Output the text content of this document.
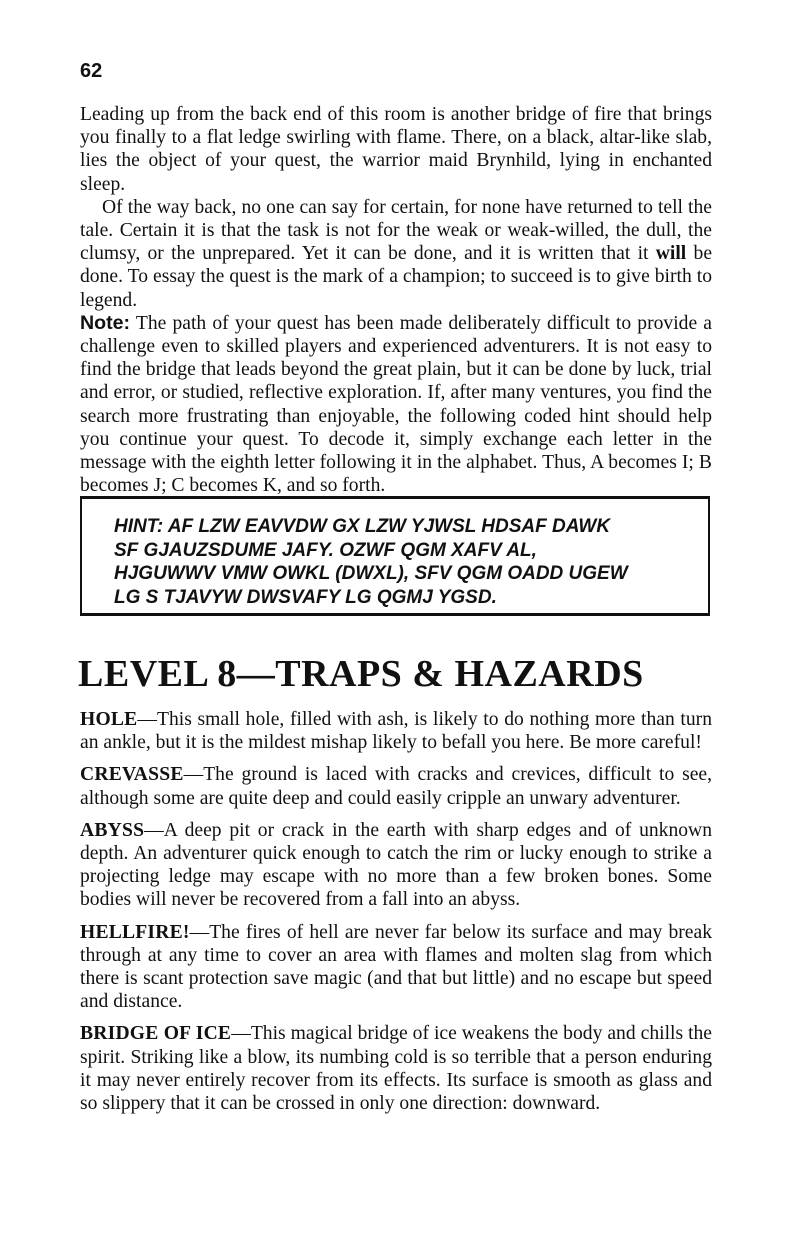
62

Leading up from the back end of this room is another bridge of fire that brings you finally to a flat ledge swirling with flame. There, on a black, altar-like slab, lies the object of your quest, the warrior maid Brynhild, lying in enchanted sleep.

Of the way back, no one can say for certain, for none have returned to tell the tale. Certain it is that the task is not for the weak or weak-willed, the dull, the clumsy, or the unprepared. Yet it can be done, and it is written that it will be done. To essay the quest is the mark of a champion; to succeed is to give birth to legend.

Note: The path of your quest has been made deliberately difficult to provide a challenge even to skilled players and experienced adventurers. It is not easy to find the bridge that leads beyond the great plain, but it can be done by luck, trial and error, or studied, reflective exploration. If, after many ventures, you find the search more frustrating than enjoyable, the following coded hint should help you continue your quest. To decode it, simply exchange each letter in the message with the eighth letter following it in the alphabet. Thus, A becomes I; B becomes J; C becomes K, and so forth.

HINT: AF LZW EAVVDW GX LZW YJWSL HDSAF DAWK
SF GJAUZSDUME JAFY. OZWF QGM XAFV AL,
HJGUWWV VMW OWKL (DWXL), SFV QGM OADD UGEW
LG S TJAVYW DWSVAFY LG QGMJ YGSD.
LEVEL 8—TRAPS & HAZARDS

HOLE—This small hole, filled with ash, is likely to do nothing more than turn an ankle, but it is the mildest mishap likely to befall you here. Be more careful!

CREVASSE—The ground is laced with cracks and crevices, difficult to see, although some are quite deep and could easily cripple an unwary adventurer.

ABYSS—A deep pit or crack in the earth with sharp edges and of unknown depth. An adventurer quick enough to catch the rim or lucky enough to strike a projecting ledge may escape with no more than a few broken bones. Some bodies will never be recovered from a fall into an abyss.

HELLFIRE!—The fires of hell are never far below its surface and may break through at any time to cover an area with flames and molten slag from which there is scant protection save magic (and that but little) and no escape but speed and distance.

BRIDGE OF ICE—This magical bridge of ice weakens the body and chills the spirit. Striking like a blow, its numbing cold is so terrible that a person enduring it may never entirely recover from its effects. Its surface is smooth as glass and so slippery that it can be crossed in only one direction: downward.
